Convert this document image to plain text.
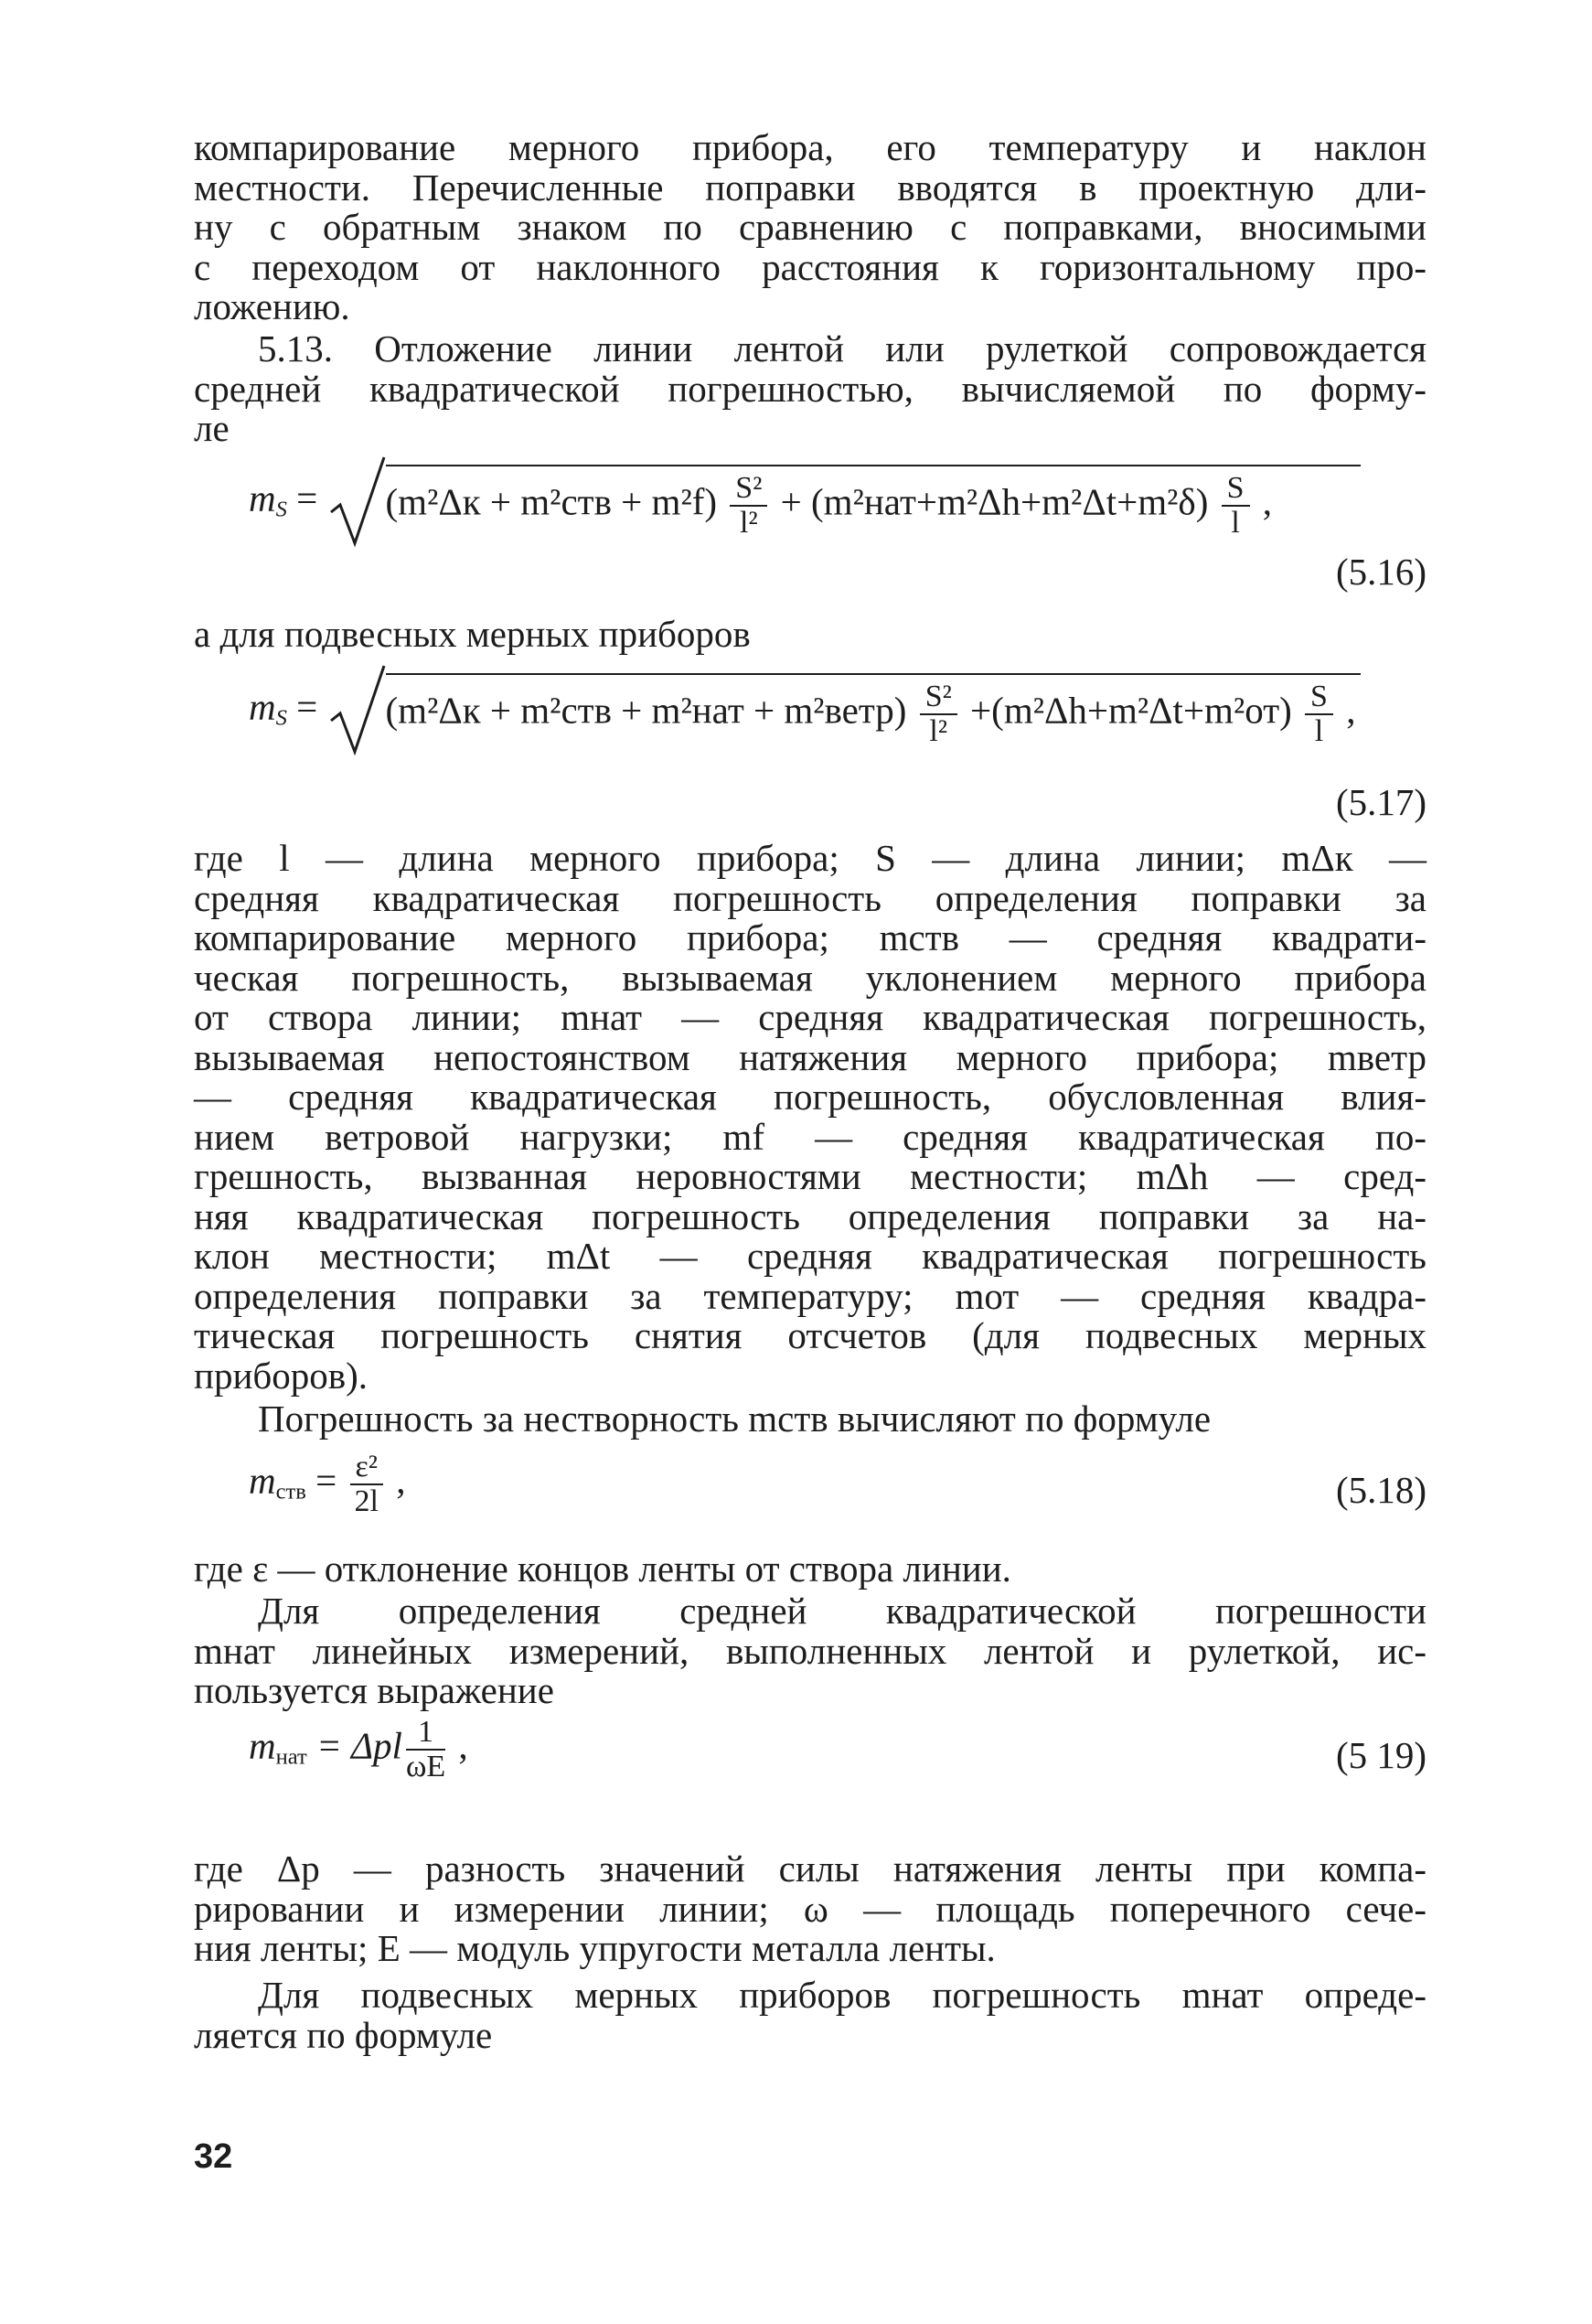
компарирование мерного прибора, его температуру и наклон
местности. Перечисленные поправки вводятся в проектную дли-
ну с обратным знаком по сравнению с поправками, вносимыми
с переходом от наклонного расстояния к горизонтальному про-
ложению.
5.13. Отложение линии лентой или рулеткой сопровождается
средней квадратической погрешностью, вычисляемой по форму-
ле
$m_S$ =
$(m^2\Delta к + m^2ств + m^2f) \frac{\text{S²}}{\text{l²}} + (m^2нат+m^2\Delta h+m^2\Delta t+m^2\delta) \frac{S}{l}$ ,
(5.16)
а для подвесных мерных приборов
$m_S$ =
(m²Δк + m²ств + m²нат + m²ветр) $\frac{\text{S²}}{\text{l²}} +(m^2\Delta h+m^2\Delta t+m^2от) \frac{S}{l}$ ,
(5.17)
где l — длина мерного прибора; S — длина линии; mΔк —
средняя квадратическая погрешность определения поправки за
компарирование мерного прибора; mств — средняя квадрати-
ческая погрешность, вызываемая уклонением мерного прибора
от створа линии; mнат — средняя квадратическая погрешность,
вызываемая непостоянством натяжения мерного прибора; mветр
— средняя квадратическая погрешность, обусловленная влия-
нием ветровой нагрузки; mf — средняя квадратическая по-
грешность, вызванная неровностями местности; mΔh — сред-
няя квадратическая погрешность определения поправки за на-
клон местности; mΔt — средняя квадратическая погрешность
определения поправки за температуру; mот — средняя квадра-
тическая погрешность снятия отсчетов (для подвесных мерных
приборов).
Погрешность за нестворность mств вычисляют по формуле
$m_{ств} = \frac{\text{ε²}}{2l}$ ,	(5.18)
где ε — отклонение концов ленты от створа линии.
Для определения средней квадратической погрешности
mнат линейных измерений, выполненных лентой и рулеткой, ис-
пользуется выражение
$m_{нат} = \Delta pl \frac{1}{\omega E}$ ,	(5 19)
где Δp — разность значений силы натяжения ленты при компа-
рировании и измерении линии; ω — площадь поперечного сече-
ния ленты; E — модуль упругости металла ленты.
Для подвесных мерных приборов погрешность mнат опреде-
ляется по формуле
32
